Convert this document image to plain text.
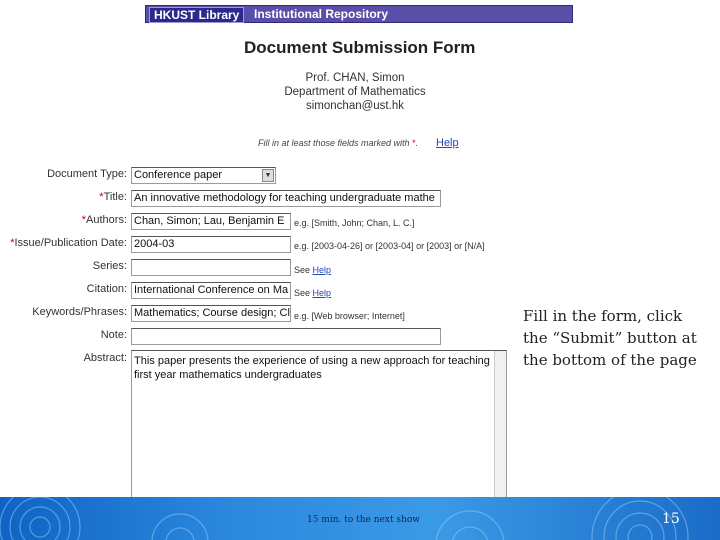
HKUST Library	Institutional Repository
Document Submission Form
Prof. CHAN, Simon
Department of Mathematics
simonchan@ust.hk
Fill in at least those fields marked with *. Help
Document Type: Conference paper	▼
*Title: An innovative methodology for teaching undergraduate mathe
*Authors: Chan, Simon; Lau, Benjamin E	e.g. [Smith, John; Chan, L. C.]
*Issue/Publication Date: 2004-03	e.g. [2003-04-26] or [2003-04] or [2003] or [N/A]
Series:	See Help
Citation: International Conference on Ma See Help
Keywords/Phrases: Mathematics; Course design; Cl e.g. [Web browser; Internet]
Note:
Abstract: This paper presents the experience of using a new approach for teaching first year mathematics undergraduates
Fill in the form, click the “Submit” button at the bottom of the page
15 min. to the next show	15
